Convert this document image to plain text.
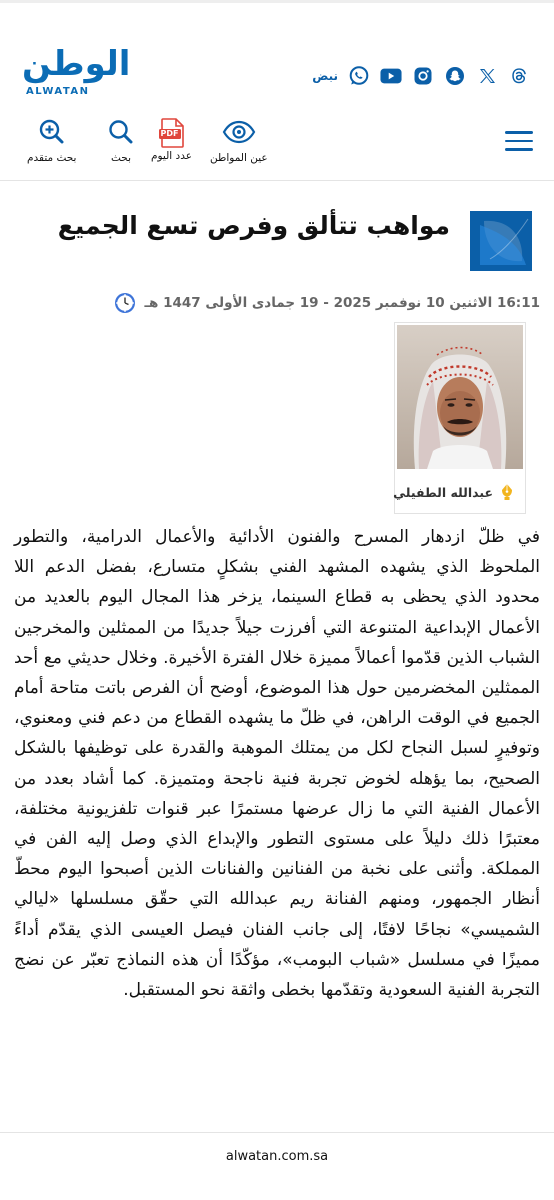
الوطن
ALWATAN
نبض
بحث متقدم	بحث
PDF
عدد اليوم عين المواطن
مواهب تتألق وفرص تسع الجميع
16:11 الاثنين 10 نوفمبر 2025 - 19 جمادى الأولى 1447 هـ
عبدالله الطفيلي
في ظلّ ازدهار المسرح والفنون الأدائية والأعمال الدرامية، والتطور الملحوظ الذي يشهده المشهد الفني بشكلٍ متسارع، بفضل الدعم اللا محدود الذي يحظى به قطاع السينما، يزخر هذا المجال اليوم بالعديد من الأعمال الإبداعية المتنوعة التي أفرزت جيلاً جديدًا من الممثلين والمخرجين الشباب الذين قدّموا أعمالاً مميزة خلال الفترة الأخيرة. وخلال حديثي مع أحد الممثلين المخضرمين حول هذا الموضوع، أوضح أن الفرص باتت متاحة أمام الجميع في الوقت الراهن، في ظلّ ما يشهده القطاع من دعم فني ومعنوي، وتوفيرٍ لسبل النجاح لكل من يمتلك الموهبة والقدرة على توظيفها بالشكل الصحيح، بما يؤهله لخوض تجربة فنية ناجحة ومتميزة. كما أشاد بعدد من الأعمال الفنية التي ما زال عرضها مستمرًا عبر قنوات تلفزيونية مختلفة، معتبرًا ذلك دليلاً على مستوى التطور والإبداع الذي وصل إليه الفن في المملكة. وأثنى على نخبة من الفنانين والفنانات الذين أصبحوا اليوم محطّ أنظار الجمهور، ومنهم الفنانة ريم عبدالله التي حقّق مسلسلها «ليالي الشميسي» نجاحًا لافتًا، إلى جانب الفنان فيصل العيسى الذي يقدّم أداءً مميزًا في مسلسل «شباب البومب»، مؤكّدًا أن هذه النماذج تعبّر عن نضج التجربة الفنية السعودية وتقدّمها بخطى واثقة نحو المستقبل.
alwatan.com.sa
